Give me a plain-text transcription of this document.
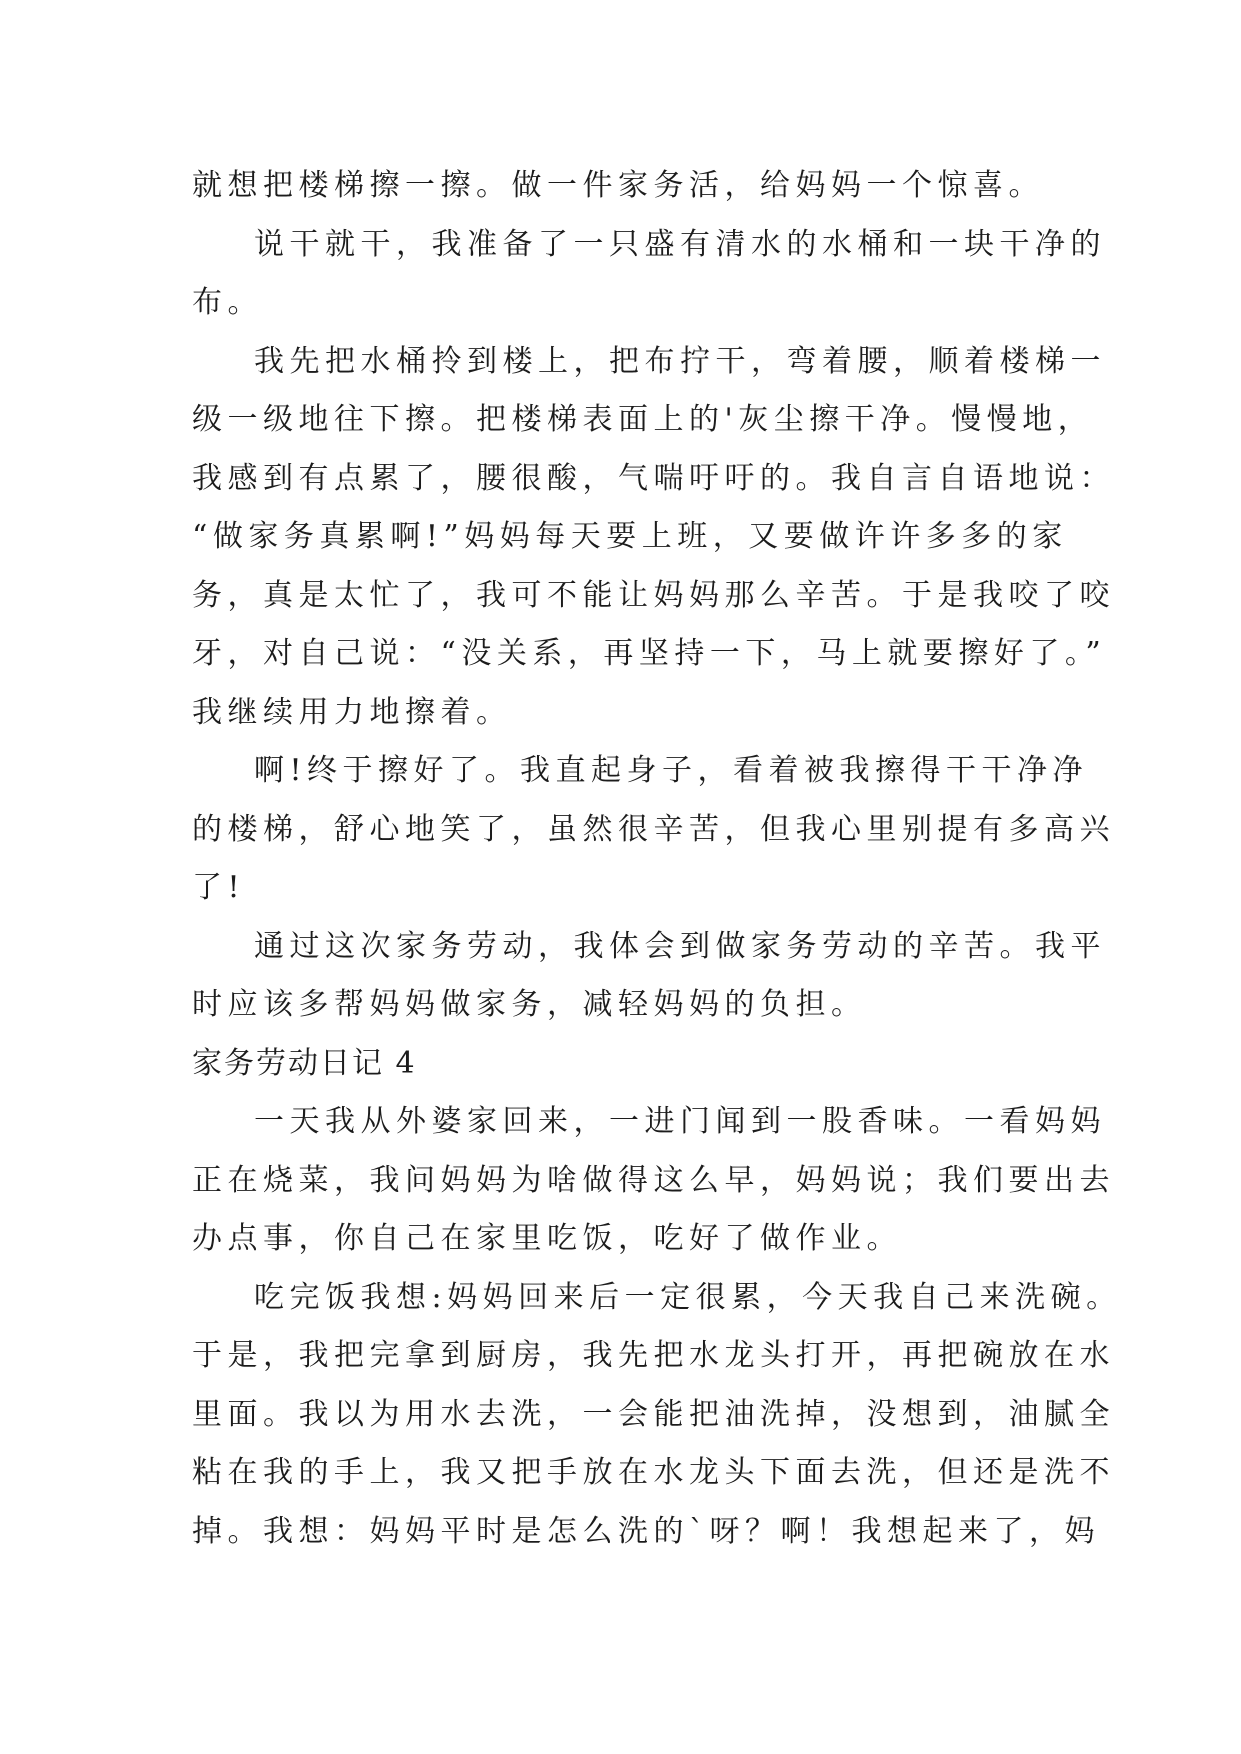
就想把楼梯擦一擦。做一件家务活，给妈妈一个惊喜。
说干就干，我准备了一只盛有清水的水桶和一块干净的
布。
我先把水桶拎到楼上，把布拧干，弯着腰，顺着楼梯一
级一级地往下擦。把楼梯表面上的'灰尘擦干净。慢慢地，
我感到有点累了，腰很酸，气喘吁吁的。我自言自语地说：
“做家务真累啊!”妈妈每天要上班，又要做许许多多的家
务，真是太忙了，我可不能让妈妈那么辛苦。于是我咬了咬
牙，对自己说：“没关系，再坚持一下，马上就要擦好了。”
我继续用力地擦着。
啊!终于擦好了。我直起身子，看着被我擦得干干净净
的楼梯，舒心地笑了，虽然很辛苦，但我心里别提有多高兴
了!
通过这次家务劳动，我体会到做家务劳动的辛苦。我平
时应该多帮妈妈做家务，减轻妈妈的负担。
家务劳动日记 4
一天我从外婆家回来，一进门闻到一股香味。一看妈妈
正在烧菜，我问妈妈为啥做得这么早，妈妈说；我们要出去
办点事，你自己在家里吃饭，吃好了做作业。
吃完饭我想:妈妈回来后一定很累，今天我自己来洗碗。
于是，我把完拿到厨房，我先把水龙头打开，再把碗放在水
里面。我以为用水去洗，一会能把油洗掉，没想到，油腻全
粘在我的手上，我又把手放在水龙头下面去洗，但还是洗不
掉。我想：妈妈平时是怎么洗的`呀？啊！我想起来了，妈
